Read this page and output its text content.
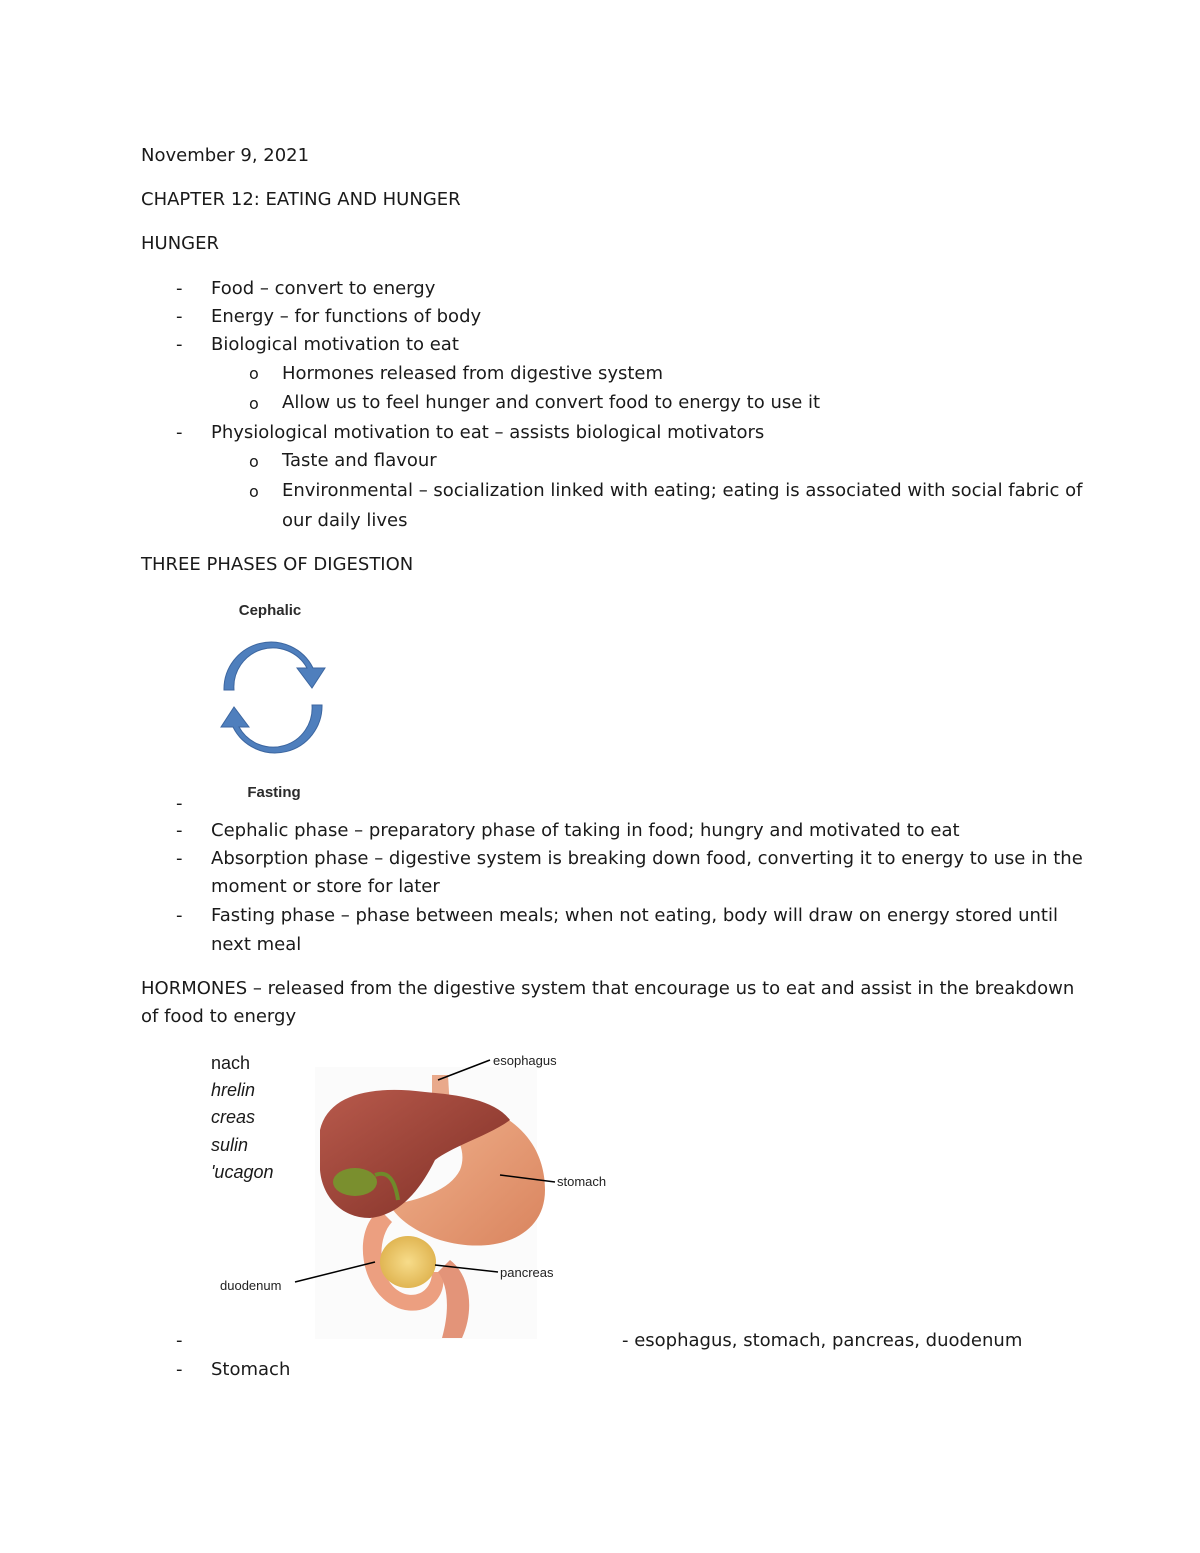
November 9, 2021
CHAPTER 12: EATING AND HUNGER
HUNGER
- Food – convert to energy
- Energy – for functions of body
- Biological motivation to eat
o Hormones released from digestive system
o Allow us to feel hunger and convert food to energy to use it
- Physiological motivation to eat – assists biological motivators
o Taste and flavour
o Environmental – socialization linked with eating; eating is associated with social fabric of
our daily lives
THREE PHASES OF DIGESTION
Cephalic
Fasting
-
- Cephalic phase – preparatory phase of taking in food; hungry and motivated to eat
- Absorption phase – digestive system is breaking down food, converting it to energy to use in the
moment or store for later
- Fasting phase – phase between meals; when not eating, body will draw on energy stored until
next meal
HORMONES – released from the digestive system that encourage us to eat and assist in the breakdown
of food to energy
nach
hrelin
creas
sulin
'ucagon
esophagus
stomach
pancreas
duodenum
-	- esophagus, stomach, pancreas, duodenum
- Stomach
